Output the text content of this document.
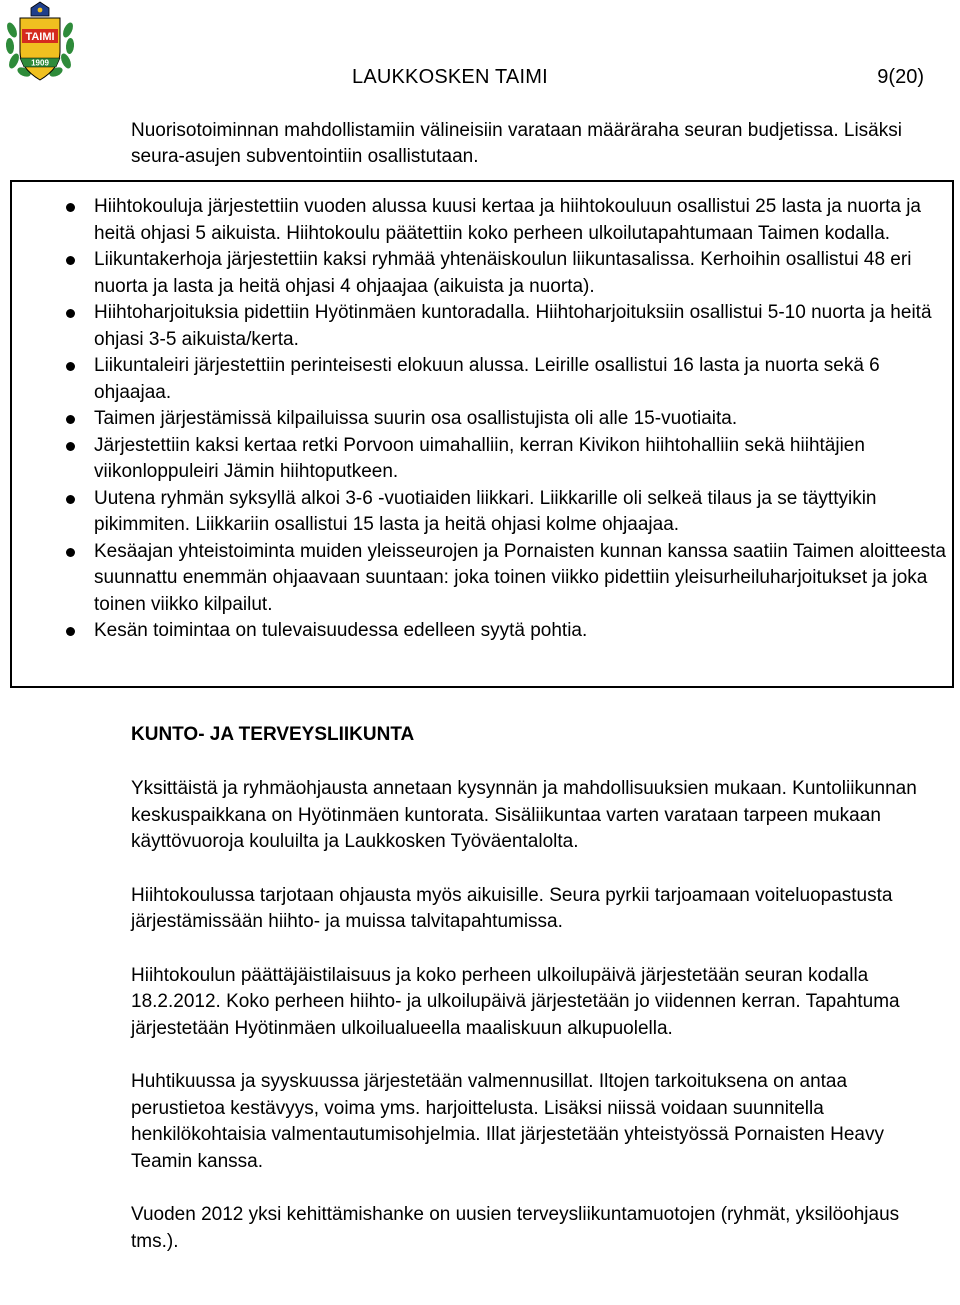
TAIMI
1909
LAUKKOSKEN TAIMI	9(20)

Nuorisotoiminnan mahdollistamiin välineisiin varataan määräraha seuran budjetissa. Lisäksi seura-asujen subventointiin osallistutaan.

Hiihtokouluja järjestettiin vuoden alussa kuusi kertaa ja hiihtokouluun osallistui 25 lasta ja nuorta ja heitä ohjasi 5 aikuista. Hiihtokoulu päätettiin koko perheen ulkoilutapahtumaan Taimen kodalla.
Liikuntakerhoja järjestettiin kaksi ryhmää yhtenäiskoulun liikuntasalissa. Kerhoihin osallistui 48 eri nuorta ja lasta ja heitä ohjasi 4 ohjaajaa (aikuista ja nuorta).
Hiihtoharjoituksia pidettiin Hyötinmäen kuntoradalla. Hiihtoharjoituksiin osallistui 5-10 nuorta ja heitä ohjasi 3-5 aikuista/kerta.
Liikuntaleiri järjestettiin perinteisesti elokuun alussa. Leirille osallistui 16 lasta ja nuorta sekä 6 ohjaajaa.
Taimen järjestämissä kilpailuissa suurin osa osallistujista oli alle 15-vuotiaita.
Järjestettiin kaksi kertaa retki Porvoon uimahalliin, kerran Kivikon hiihtohalliin sekä hiihtäjien viikonloppuleiri Jämin hiihtoputkeen.
Uutena ryhmän syksyllä alkoi 3-6 -vuotiaiden liikkari. Liikkarille oli selkeä tilaus ja se täyttyikin pikimmiten. Liikkariin osallistui 15 lasta ja heitä ohjasi kolme ohjaajaa.
Kesäajan yhteistoiminta muiden yleisseurojen ja Pornaisten kunnan kanssa saatiin Taimen aloitteesta suunnattu enemmän ohjaavaan suuntaan: joka toinen viikko pidettiin yleisurheiluharjoitukset ja joka toinen viikko kilpailut.
Kesän toimintaa on tulevaisuudessa edelleen syytä pohtia.
KUNTO- JA TERVEYSLIIKUNTA

Yksittäistä ja ryhmäohjausta annetaan kysynnän ja mahdollisuuksien mukaan. Kuntoliikunnan keskuspaikkana on Hyötinmäen kuntorata. Sisäliikuntaa varten varataan tarpeen mukaan käyttövuoroja kouluilta ja Laukkosken Työväentalolta.

Hiihtokoulussa tarjotaan ohjausta myös aikuisille. Seura pyrkii tarjoamaan voiteluopastusta järjestämissään hiihto- ja muissa talvitapahtumissa.

Hiihtokoulun päättäjäistilaisuus ja koko perheen ulkoilupäivä järjestetään seuran kodalla 18.2.2012. Koko perheen hiihto- ja ulkoilupäivä järjestetään jo viidennen kerran. Tapahtuma järjestetään Hyötinmäen ulkoilualueella maaliskuun alkupuolella.

Huhtikuussa ja syyskuussa järjestetään valmennusillat. Iltojen tarkoituksena on antaa perustietoa kestävyys, voima yms. harjoittelusta. Lisäksi niissä voidaan suunnitella henkilökohtaisia valmentautumisohjelmia. Illat järjestetään yhteistyössä Pornaisten Heavy Teamin kanssa.

Vuoden 2012 yksi kehittämishanke on uusien terveysliikuntamuotojen (ryhmät, yksilöohjaus tms.).
